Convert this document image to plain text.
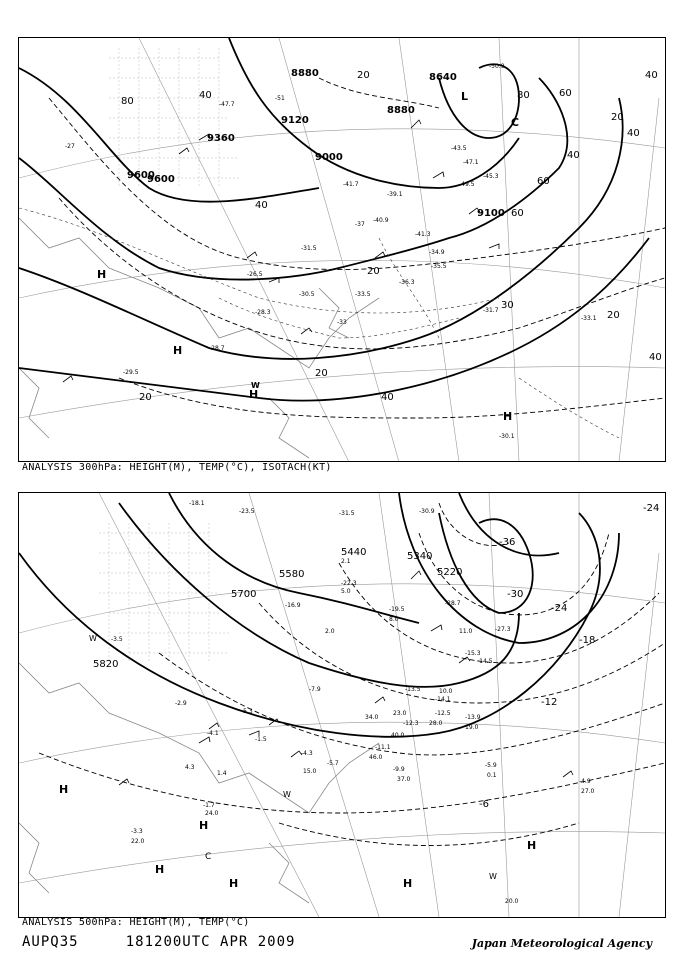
8880	8640
8880
9120
9360
9600
9600
9000
9100
80
40
40
20
60
40
20
80
60
40
40
20
20
40
40
60
20
20
30
-27
-37
-47.7
-51
-41.7
-39.1
-35.5
-26.5
-28.7
-29.5
-30.5
-33
-33.1
-31.5
-40.9
-41.3
-43.5
-45.3
-47.1
-49.5
-50.9
-36.3
-30.1
-33.5
-34.9
-31.7
-28.3
H
H
H
H
L
C
W
ANALYSIS 300hPa: HEIGHT(M), TEMP(°C), ISOTACH(KT)
5440	5340
5220
5580
5700
5820
-36
-30
-24
-18
-12
-6
-24
-18.1
-23.5	-30.9
-31.5
-22.3
-19.5
-28.7
-27.3
-14.5
-15.3
-13.5
-12.3
-11.1
-9.9
-5.7
-4.3
-1.7
-2.9
-5.9
-4.9
-16.9
-14.1
-12.5
-13.9
-7.9
-3.5
-5.3
-4.1
-1.5
-3.3
11.0
23.0
34.0
46.0
37.0
0.1
27.0
20.0
24.0
22.0
15.0
10.0
19.0
28.0
40.0
1.4
4.3
2.0
5.0
8.0
2.1
H
H
H
H	H
H
C
W
W
W
ANALYSIS 500hPa: HEIGHT(M), TEMP(°C)
AUPQ35	181200UTC APR 2009	Japan Meteorological Agency
